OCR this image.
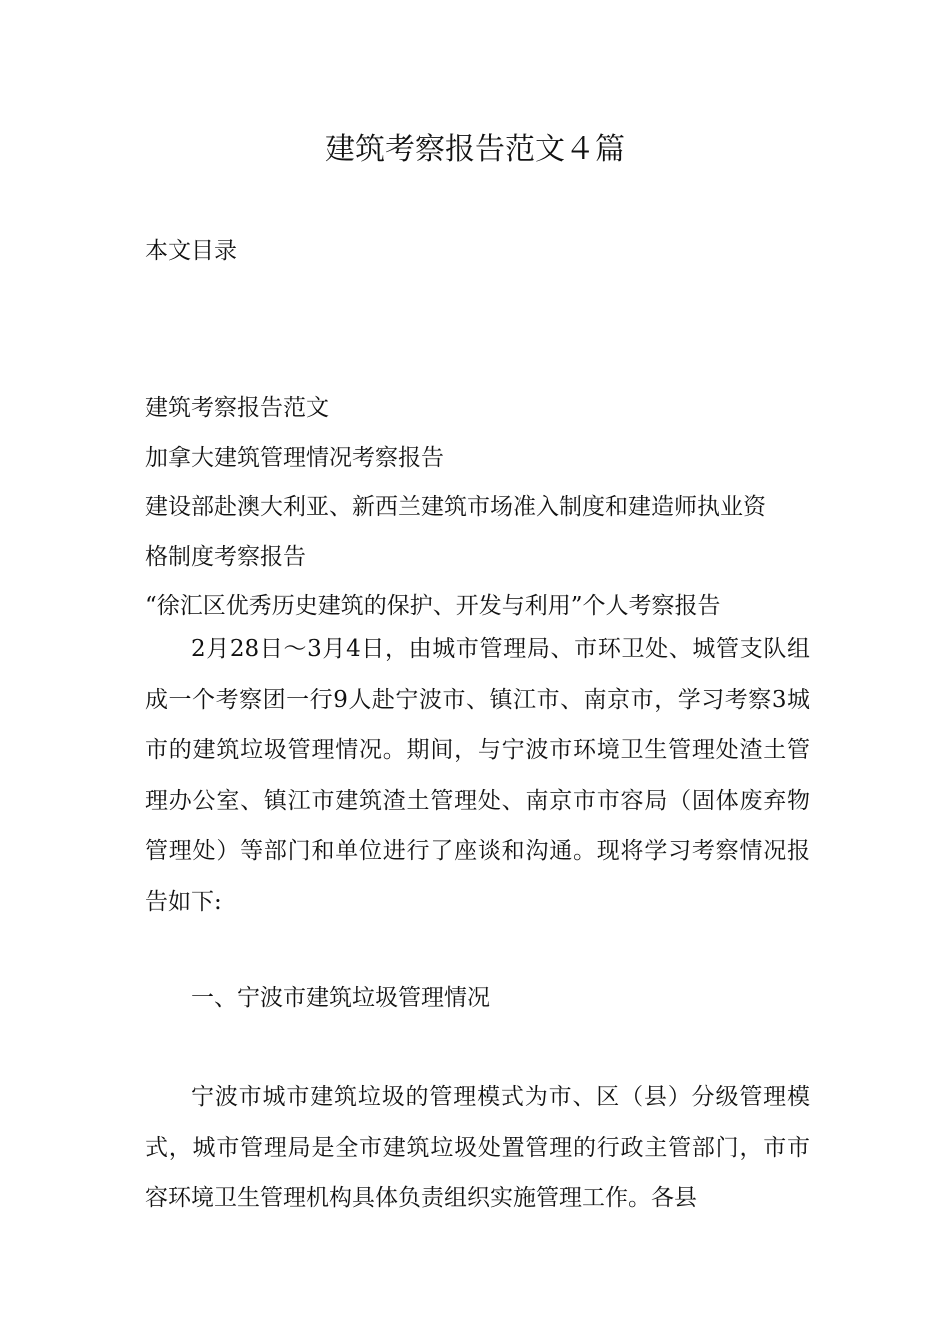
建筑考察报告范文４篇
本文目录
建筑考察报告范文
加拿大建筑管理情况考察报告
建设部赴澳大利亚、新西兰建筑市场准入制度和建造师执业资
格制度考察报告
“徐汇区优秀历史建筑的保护、开发与利用”个人考察报告

2月28日～3月4日，由城市管理局、市环卫处、城管支队组成一个考察团一行9人赴宁波市、镇江市、南京市，学习考察3城市的建筑垃圾管理情况。期间，与宁波市环境卫生管理处渣土管理办公室、镇江市建筑渣土管理处、南京市市容局（固体废弃物管理处）等部门和单位进行了座谈和沟通。现将学习考察情况报告如下:

一、宁波市建筑垃圾管理情况

宁波市城市建筑垃圾的管理模式为市、区（县）分级管理模式，城市管理局是全市建筑垃圾处置管理的行政主管部门，市市容环境卫生管理机构具体负责组织实施管理工作。各县
